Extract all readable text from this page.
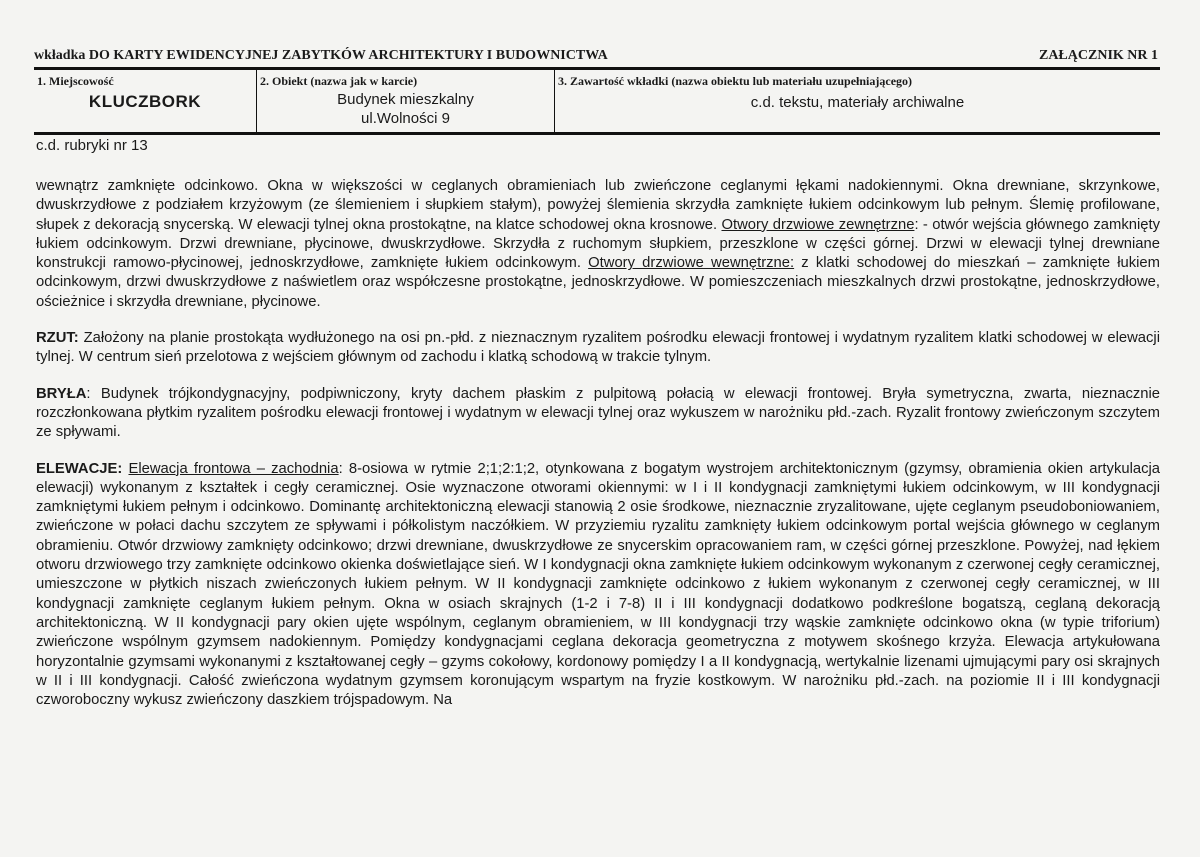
wkładka DO KARTY EWIDENCYJNEJ ZABYTKÓW ARCHITEKTURY I BUDOWNICTWA	ZAŁĄCZNIK NR 1
1. Miejscowość
KLUCZBORK
2. Obiekt (nazwa jak w karcie)
Budynek mieszkalny
ul.Wolności 9
3. Zawartość wkładki (nazwa obiektu lub materiału uzupełniającego)
c.d. tekstu, materiały archiwalne
c.d. rubryki nr 13

wewnątrz zamknięte odcinkowo. Okna w większości w ceglanych obramieniach lub zwieńczone ceglanymi łękami nadokiennymi. Okna drewniane, skrzynkowe, dwuskrzydłowe z podziałem krzyżowym (ze ślemieniem i słupkiem stałym), powyżej ślemienia skrzydła zamknięte łukiem odcinkowym lub pełnym. Ślemię profilowane, słupek z dekoracją snycerską. W elewacji tylnej okna prostokątne, na klatce schodowej okna krosnowe. Otwory drzwiowe zewnętrzne: - otwór wejścia głównego zamknięty łukiem odcinkowym. Drzwi drewniane, płycinowe, dwuskrzydłowe. Skrzydła z ruchomym słupkiem, przeszklone w części górnej. Drzwi w elewacji tylnej drewniane konstrukcji ramowo-płycinowej, jednoskrzydłowe, zamknięte łukiem odcinkowym. Otwory drzwiowe wewnętrzne: z klatki schodowej do mieszkań – zamknięte łukiem odcinkowym, drzwi dwuskrzydłowe z naświetlem oraz współczesne prostokątne, jednoskrzydłowe. W pomieszczeniach mieszkalnych drzwi prostokątne, jednoskrzydłowe, ościeżnice i skrzydła drewniane, płycinowe.

RZUT: Założony na planie prostokąta wydłużonego na osi pn.-płd. z nieznacznym ryzalitem pośrodku elewacji frontowej i wydatnym ryzalitem klatki schodowej w elewacji tylnej. W centrum sień przelotowa z wejściem głównym od zachodu i klatką schodową w trakcie tylnym.

BRYŁA: Budynek trójkondygnacyjny, podpiwniczony, kryty dachem płaskim z pulpitową połacią w elewacji frontowej. Bryła symetryczna, zwarta, nieznacznie rozczłonkowana płytkim ryzalitem pośrodku elewacji frontowej i wydatnym w elewacji tylnej oraz wykuszem w narożniku płd.-zach. Ryzalit frontowy zwieńczonym szczytem ze spływami.

ELEWACJE: Elewacja frontowa – zachodnia: 8-osiowa w rytmie 2;1;2:1;2, otynkowana z bogatym wystrojem architektonicznym (gzymsy, obramienia okien artykulacja elewacji) wykonanym z kształtek i cegły ceramicznej. Osie wyznaczone otworami okiennymi: w I i II kondygnacji zamkniętymi łukiem odcinkowym, w III kondygnacji zamkniętymi łukiem pełnym i odcinkowo. Dominantę architektoniczną elewacji stanowią 2 osie środkowe, nieznacznie zryzalitowane, ujęte ceglanym pseudoboniowaniem, zwieńczone w połaci dachu szczytem ze spływami i półkolistym naczółkiem. W przyziemiu ryzalitu zamknięty łukiem odcinkowym portal wejścia głównego w ceglanym obramieniu. Otwór drzwiowy zamknięty odcinkowo; drzwi drewniane, dwuskrzydłowe ze snycerskim opracowaniem ram, w części górnej przeszklone. Powyżej, nad łękiem otworu drzwiowego trzy zamknięte odcinkowo okienka doświetlające sień. W I kondygnacji okna zamknięte łukiem odcinkowym wykonanym z czerwonej cegły ceramicznej, umieszczone w płytkich niszach zwieńczonych łukiem pełnym. W II kondygnacji zamknięte odcinkowo z łukiem wykonanym z czerwonej cegły ceramicznej, w III kondygnacji zamknięte ceglanym łukiem pełnym. Okna w osiach skrajnych (1-2 i 7-8) II i III kondygnacji dodatkowo podkreślone bogatszą, ceglaną dekoracją architektoniczną. W II kondygnacji pary okien ujęte wspólnym, ceglanym obramieniem, w III kondygnacji trzy wąskie zamknięte odcinkowo okna (w typie triforium) zwieńczone wspólnym gzymsem nadokiennym. Pomiędzy kondygnacjami ceglana dekoracja geometryczna z motywem skośnego krzyża. Elewacja artykułowana horyzontalnie gzymsami wykonanymi z kształtowanej cegły – gzyms cokołowy, kordonowy pomiędzy I a II kondygnacją, wertykalnie lizenami ujmującymi pary osi skrajnych w II i III kondygnacji. Całość zwieńczona wydatnym gzymsem koronującym wspartym na fryzie kostkowym. W narożniku płd.-zach. na poziomie II i III kondygnacji czworoboczny wykusz zwieńczony daszkiem trójspadowym. Na
